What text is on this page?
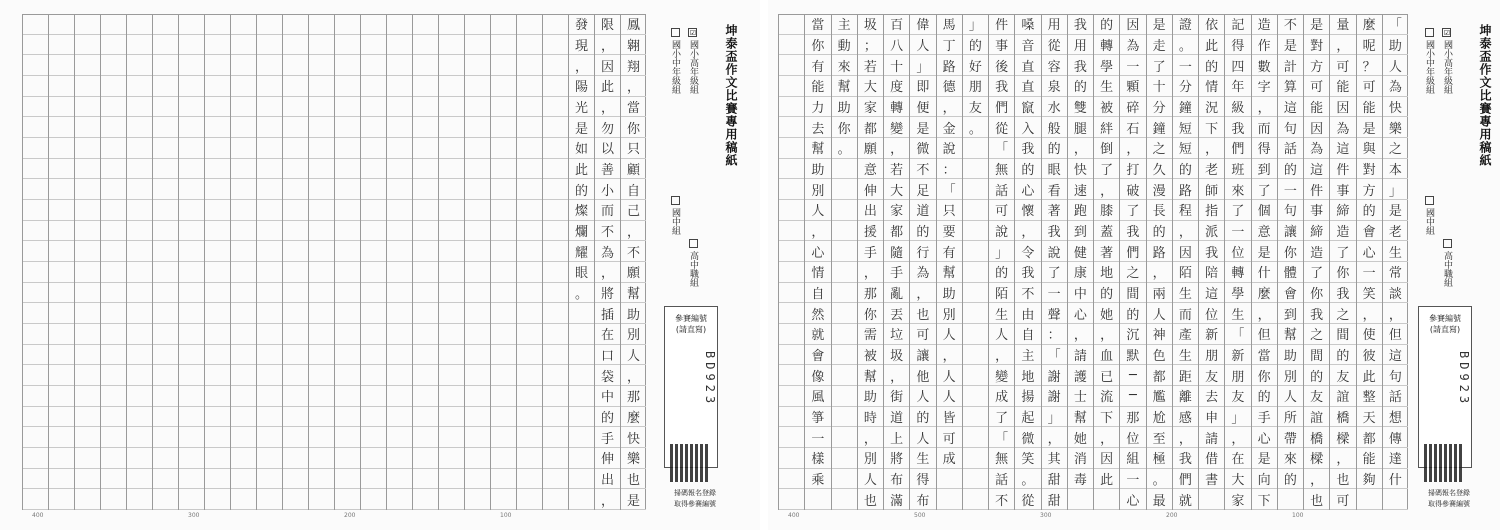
鳳
翱
翔
，
當
你
只
顧
自
己
，
不
願
幫
助
別
人
，
那
麼
快
樂
也
是
限
，
因
此
，
勿
以
善
小
而
不
為
，
將
插
在
口
袋
中
的
手
伸
出
，
發
現
，
陽
光
是
如
此
的
燦
爛
耀
眼
。
400	300	200	100
坤泰盃作文比賽專用稿紙
國小中年級組
☑國小高年級組
國中組
高中職組
參賽編號
(請直寫)
BD923
掃碼報名登錄
取得參賽編號
「
助
人
為
快
樂
之
本
」
是
老
生
常
談
，
但
這
句
話
想
傳
達
什
麼
呢
？
可
能
是
與
對
方
的
會
心
一
笑
，
使
彼
此
整
天
都
能
夠
量
，
可
能
因
為
這
件
事
締
造
了
你
我
之
間
的
友
誼
橋
樑
，
也
可
是
對
方
可
能
因
為
這
件
事
締
造
了
你
我
之
間
的
友
誼
橋
樑
，
也
不
是
計
算
這
句
話
的
一
句
讓
你
體
會
到
幫
助
別
人
所
帶
來
的
造
作
數
字
，
而
得
到
了
個
意
是
什
麼
，
但
當
你
的
手
心
是
向
下
記
得
四
年
級
我
們
班
來
了
一
位
轉
學
生
「
新
朋
友
」
，
在
大
家
依
此
的
情
況
下
，
老
師
指
派
我
陪
這
位
新
朋
友
去
申
請
借
書
證
。
一
分
鐘
短
短
的
路
程
，
因
陌
生
而
產
生
距
離
感
，
我
們
就
是
走
了
十
分
鐘
之
久
漫
長
的
路
，
兩
人
神
色
都
尷
尬
至
極
。
最
因
為
一
顆
碎
石
，
打
破
了
我
們
之
間
的
沉
默
─
─
那
位
組
一
心
的
轉
學
生
被
絆
倒
了
，
膝
蓋
著
地
的
她
，
血
已
流
下
，
因
此
我
用
我
的
雙
腿
，
快
速
跑
到
健
康
中
心
，
請
護
士
幫
她
消
毒
用
從
容
泉
水
般
的
眼
看
著
我
說
了
一
聲
：
「
謝
謝
」
，
其
甜
甜
嗓
音
直
直
竄
入
我
的
心
懷
，
令
我
不
由
自
主
地
揚
起
微
笑
。
從
件
事
後
我
們
從
「
無
話
可
說
」
的
陌
生
人
，
變
成
了
「
無
話
不
」
的
好
朋
友
。
馬
丁
路
德
，
金
說
：
「
只
要
有
幫
助
別
人
，
人
人
皆
可
成
偉
人
」
即
便
是
微
不
足
道
的
行
為
，
也
可
讓
他
人
的
人
生
得
布
百
八
十
度
轉
變
，
若
大
家
都
隨
手
亂
丟
垃
圾
，
街
道
上
將
布
滿
圾
；
若
大
家
都
願
意
伸
出
援
手
，
那
你
需
被
幫
助
時
，
別
人
也
主
動
來
幫
助
你
。
當
你
有
能
力
去
幫
助
別
人
，
心
情
自
然
就
會
像
風
箏
一
樣
乘
400	500	300	200	100
坤泰盃作文比賽專用稿紙
國小中年級組
☑國小高年級組
國中組
高中職組
參賽編號
(請直寫)
BD923
掃碼報名登錄
取得參賽編號
